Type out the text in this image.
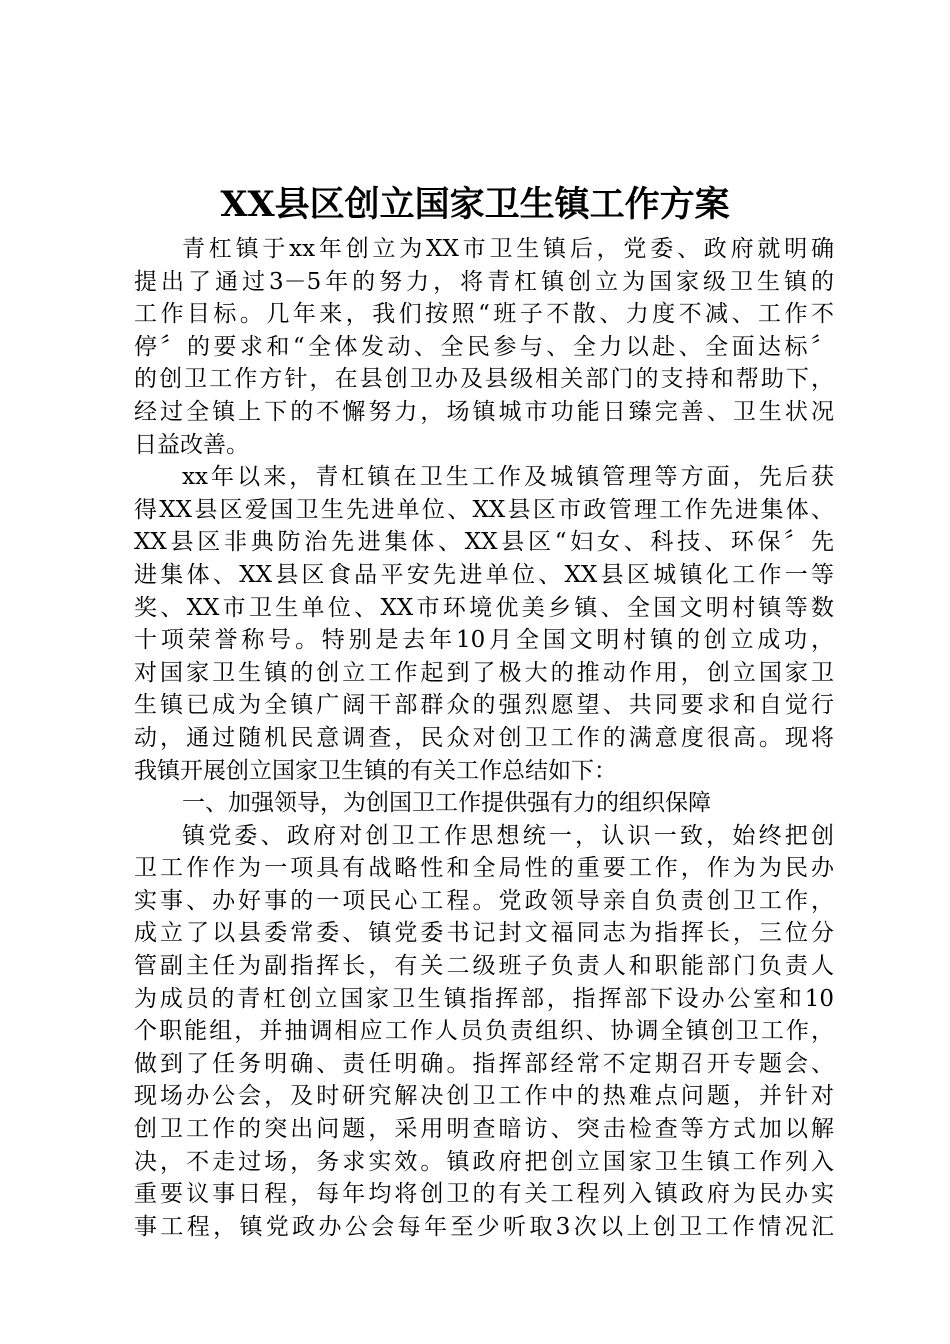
XX县区创立国家卫生镇工作方案
青杠镇于xx年创立为XX市卫生镇后，党委、政府就明确
提出了通过3－5年的努力，将青杠镇创立为国家级卫生镇的
工作目标。几年来，我们按照“班子不散、力度不减、工作不
停〞的要求和“全体发动、全民参与、全力以赴、全面达标〞
的创卫工作方针，在县创卫办及县级相关部门的支持和帮助下，
经过全镇上下的不懈努力，场镇城市功能日臻完善、卫生状况
日益改善。
xx年以来，青杠镇在卫生工作及城镇管理等方面，先后获
得XX县区爱国卫生先进单位、XX县区市政管理工作先进集体、
XX县区非典防治先进集体、XX县区“妇女、科技、环保〞先
进集体、XX县区食品平安先进单位、XX县区城镇化工作一等
奖、XX市卫生单位、XX市环境优美乡镇、全国文明村镇等数
十项荣誉称号。特别是去年10月全国文明村镇的创立成功，
对国家卫生镇的创立工作起到了极大的推动作用，创立国家卫
生镇已成为全镇广阔干部群众的强烈愿望、共同要求和自觉行
动，通过随机民意调查，民众对创卫工作的满意度很高。现将
我镇开展创立国家卫生镇的有关工作总结如下：
一、加强领导，为创国卫工作提供强有力的组织保障
镇党委、政府对创卫工作思想统一，认识一致，始终把创
卫工作作为一项具有战略性和全局性的重要工作，作为为民办
实事、办好事的一项民心工程。党政领导亲自负责创卫工作，
成立了以县委常委、镇党委书记封文福同志为指挥长，三位分
管副主任为副指挥长，有关二级班子负责人和职能部门负责人
为成员的青杠创立国家卫生镇指挥部，指挥部下设办公室和10
个职能组，并抽调相应工作人员负责组织、协调全镇创卫工作，
做到了任务明确、责任明确。指挥部经常不定期召开专题会、
现场办公会，及时研究解决创卫工作中的热难点问题，并针对
创卫工作的突出问题，采用明查暗访、突击检查等方式加以解
决，不走过场，务求实效。镇政府把创立国家卫生镇工作列入
重要议事日程，每年均将创卫的有关工程列入镇政府为民办实
事工程，镇党政办公会每年至少听取3次以上创卫工作情况汇
